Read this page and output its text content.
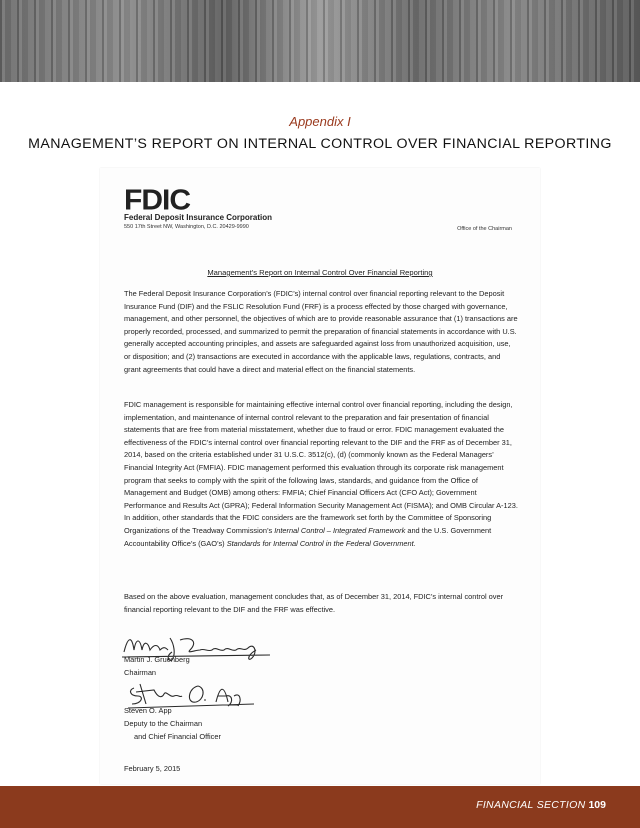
Appendix I
MANAGEMENT’S REPORT ON INTERNAL CONTROL OVER FINANCIAL REPORTING
FDIC
Federal Deposit Insurance Corporation
550 17th Street NW, Washington, D.C. 20429-9990	Office of the Chairman
Management’s Report on Internal Control Over Financial Reporting
The Federal Deposit Insurance Corporation’s (FDIC’s) internal control over financial reporting relevant to the Deposit Insurance Fund (DIF) and the FSLIC Resolution Fund (FRF) is a process effected by those charged with governance, management, and other personnel, the objectives of which are to provide reasonable assurance that (1) transactions are properly recorded, processed, and summarized to permit the preparation of financial statements in accordance with U.S. generally accepted accounting principles, and assets are safeguarded against loss from unauthorized acquisition, use, or disposition; and (2) transactions are executed in accordance with the applicable laws, regulations, contracts, and grant agreements that could have a direct and material effect on the financial statements.
FDIC management is responsible for maintaining effective internal control over financial reporting, including the design, implementation, and maintenance of internal control relevant to the preparation and fair presentation of financial statements that are free from material misstatement, whether due to fraud or error. FDIC management evaluated the effectiveness of the FDIC’s internal control over financial reporting relevant to the DIF and the FRF as of December 31, 2014, based on the criteria established under 31 U.S.C. 3512(c), (d) (commonly known as the Federal Managers’ Financial Integrity Act (FMFIA). FDIC management performed this evaluation through its corporate risk management program that seeks to comply with the spirit of the following laws, standards, and guidance from the Office of Management and Budget (OMB) among others: FMFIA; Chief Financial Officers Act (CFO Act); Government Performance and Results Act (GPRA); Federal Information Security Management Act (FISMA); and OMB Circular A-123. In addition, other standards that the FDIC considers are the framework set forth by the Committee of Sponsoring Organizations of the Treadway Commission’s Internal Control – Integrated Framework and the U.S. Government Accountability Office’s (GAO’s) Standards for Internal Control in the Federal Government.
Based on the above evaluation, management concludes that, as of December 31, 2014, FDIC’s internal control over financial reporting relevant to the DIF and the FRF was effective.
Martin J. Gruenberg
Chairman
Steven O. App
Deputy to the Chairman
and Chief Financial Officer
February 5, 2015
FINANCIAL SECTION 109
